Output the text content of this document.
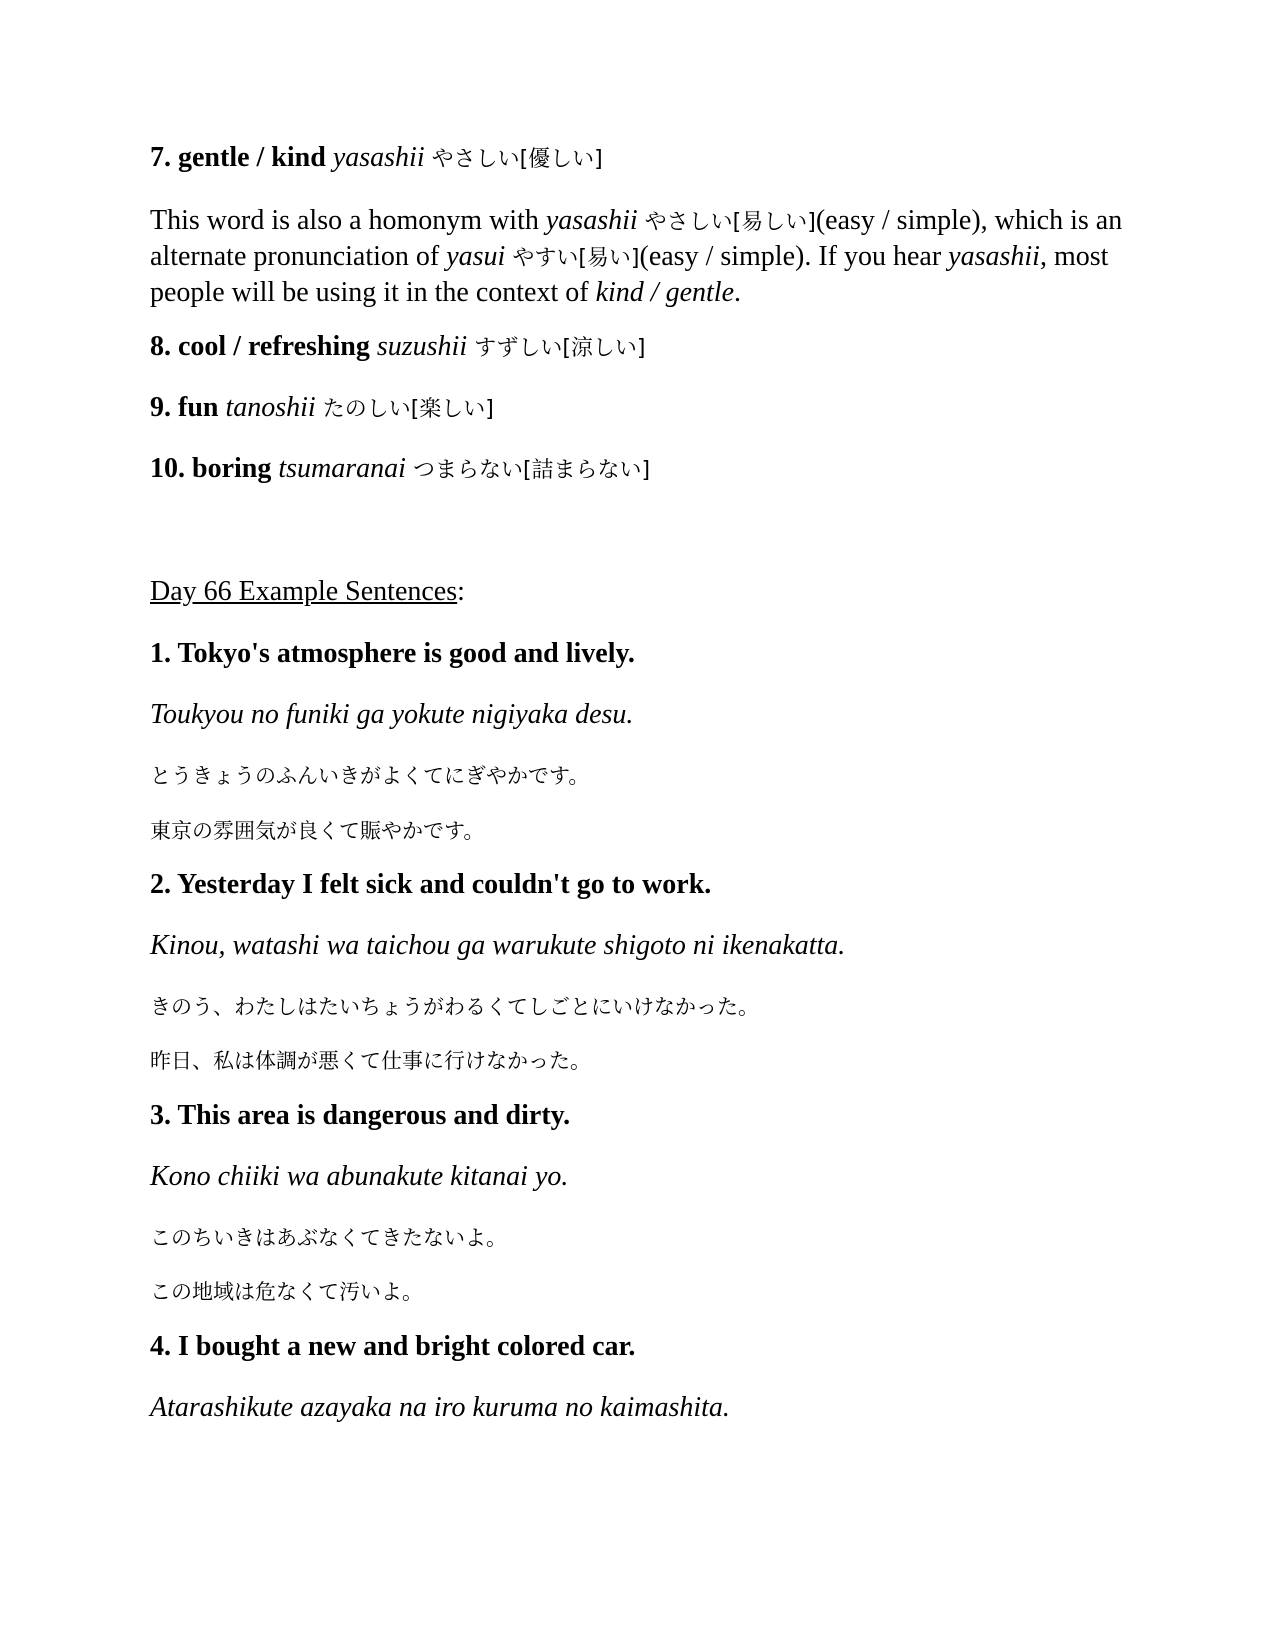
7. gentle / kind yasashii やさしい[優しい]

This word is also a homonym with yasashii やさしい[易しい](easy / simple), which is an alternate pronunciation of yasui やすい[易い](easy / simple). If you hear yasashii, most people will be using it in the context of kind / gentle.

8. cool / refreshing suzushii すずしい[涼しい]

9. fun tanoshii たのしい[楽しい]

10. boring tsumaranai つまらない[詰まらない]

Day 66 Example Sentences:

1. Tokyo's atmosphere is good and lively.

Toukyou no funiki ga yokute nigiyaka desu.

とうきょうのふんいきがよくてにぎやかです。

東京の雰囲気が良くて賑やかです。

2. Yesterday I felt sick and couldn't go to work.

Kinou, watashi wa taichou ga warukute shigoto ni ikenakatta.

きのう、わたしはたいちょうがわるくてしごとにいけなかった。

昨日、私は体調が悪くて仕事に行けなかった。

3. This area is dangerous and dirty.

Kono chiiki wa abunakute kitanai yo.

このちいきはあぶなくてきたないよ。

この地域は危なくて汚いよ。

4. I bought a new and bright colored car.

Atarashikute azayaka na iro kuruma no kaimashita.
